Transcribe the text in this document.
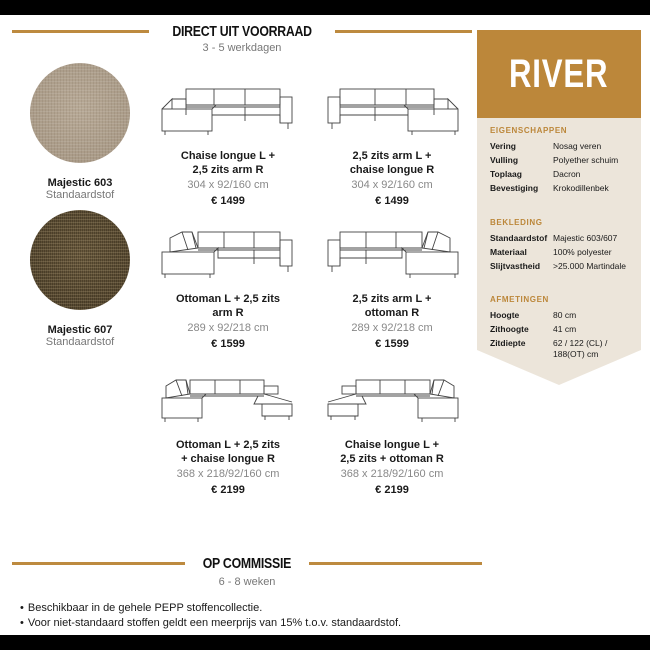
DIRECT UIT VOORRAAD
3 - 5 werkdagen
Majestic 603
Standaardstof
Majestic 607
Standaardstof
Chaise longue L +
2,5 zits arm R
304 x 92/160 cm
€ 1499
2,5 zits arm L +
chaise longue R
304 x 92/160 cm
€ 1499
Ottoman L + 2,5 zits
arm R
289 x 92/218 cm
€ 1599
2,5 zits arm L +
ottoman R
289 x 92/218 cm
€ 1599
Ottoman L + 2,5 zits
+ chaise longue R
368 x 218/92/160 cm
€ 2199
Chaise longue L +
2,5 zits + ottoman R
368 x 218/92/160 cm
€ 2199
RIVER
EIGENSCHAPPEN
Vering	Nosag veren
Vulling	Polyether schuim
Toplaag	Dacron
Bevestiging	Krokodillenbek
BEKLEDING
Standaardstof Majestic 603/607
Materiaal	100% polyester
Slijtvastheid	>25.000 Martindale
AFMETINGEN
Hoogte	80 cm
Zithoogte	41 cm
Zitdiepte	62 / 122 (CL) /
188(OT) cm
OP COMMISSIE
6 - 8 weken
• Beschikbaar in de gehele PEPP stoffencollectie.
• Voor niet-standaard stoffen geldt een meerprijs van 15% t.o.v. standaardstof.
